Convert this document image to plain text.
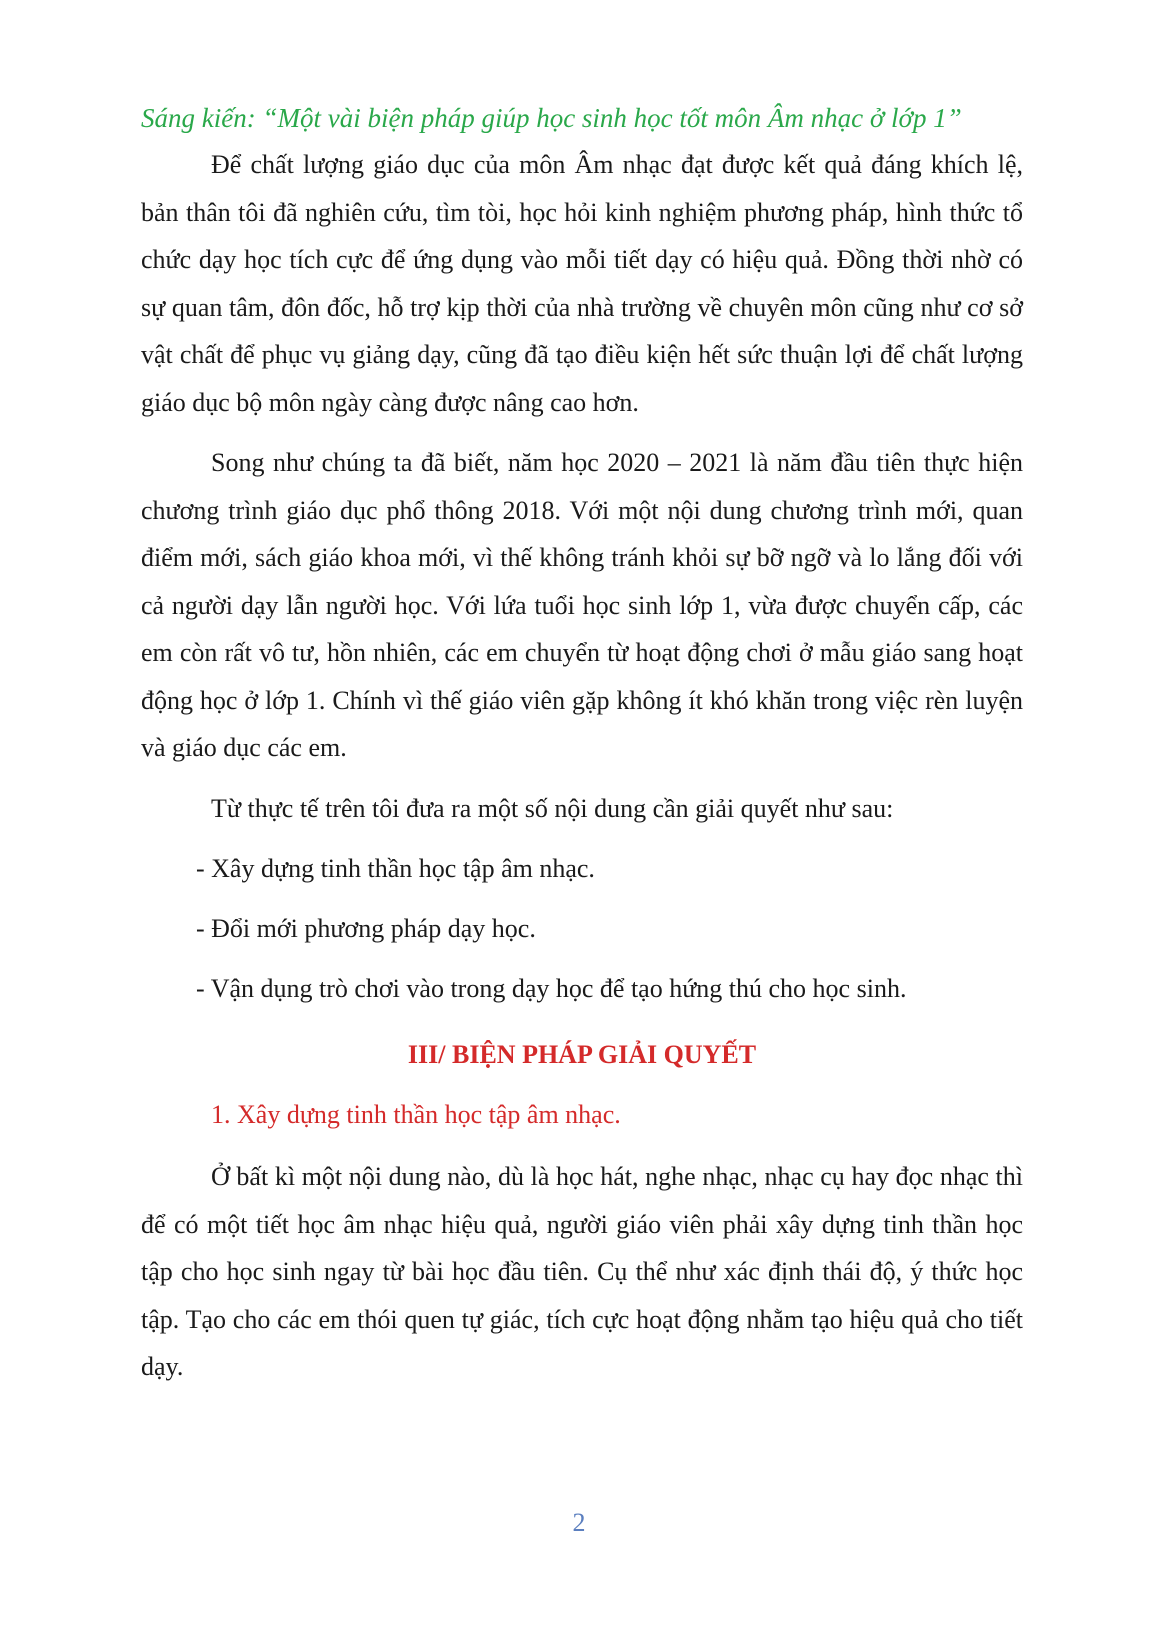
Sáng kiến: “Một vài biện pháp giúp học sinh học tốt môn Âm nhạc ở lớp 1”

Để chất lượng giáo dục của môn Âm nhạc đạt được kết quả đáng khích lệ, bản thân tôi đã nghiên cứu, tìm tòi, học hỏi kinh nghiệm phương pháp, hình thức tổ chức dạy học tích cực để ứng dụng vào mỗi tiết dạy có hiệu quả. Đồng thời nhờ có sự quan tâm, đôn đốc, hỗ trợ kịp thời của nhà trường về chuyên môn cũng như cơ sở vật chất để phục vụ giảng dạy, cũng đã tạo điều kiện hết sức thuận lợi để chất lượng giáo dục bộ môn ngày càng được nâng cao hơn.

Song như chúng ta đã biết, năm học 2020 – 2021 là năm đầu tiên thực hiện chương trình giáo dục phổ thông 2018. Với một nội dung chương trình mới, quan điểm mới, sách giáo khoa mới, vì thế không tránh khỏi sự bỡ ngỡ và lo lắng đối với cả người dạy lẫn người học. Với lứa tuổi học sinh lớp 1, vừa được chuyển cấp, các em còn rất vô tư, hồn nhiên, các em chuyển từ hoạt động chơi ở mẫu giáo sang hoạt động học ở lớp 1. Chính vì thế giáo viên gặp không ít khó khăn trong việc rèn luyện và giáo dục các em.

Từ thực tế trên tôi đưa ra một số nội dung cần giải quyết như sau:

- Xây dựng tinh thần học tập âm nhạc.

- Đổi mới phương pháp dạy học.

- Vận dụng trò chơi vào trong dạy học để tạo hứng thú cho học sinh.

III/ BIỆN PHÁP GIẢI QUYẾT

1. Xây dựng tinh thần học tập âm nhạc.

Ở bất kì một nội dung nào, dù là học hát, nghe nhạc, nhạc cụ hay đọc nhạc thì để có một tiết học âm nhạc hiệu quả, người giáo viên phải xây dựng tinh thần học tập cho học sinh ngay từ bài học đầu tiên. Cụ thể như xác định thái độ, ý thức học tập. Tạo cho các em thói quen tự giác, tích cực hoạt động nhằm tạo hiệu quả cho tiết dạy.

2
